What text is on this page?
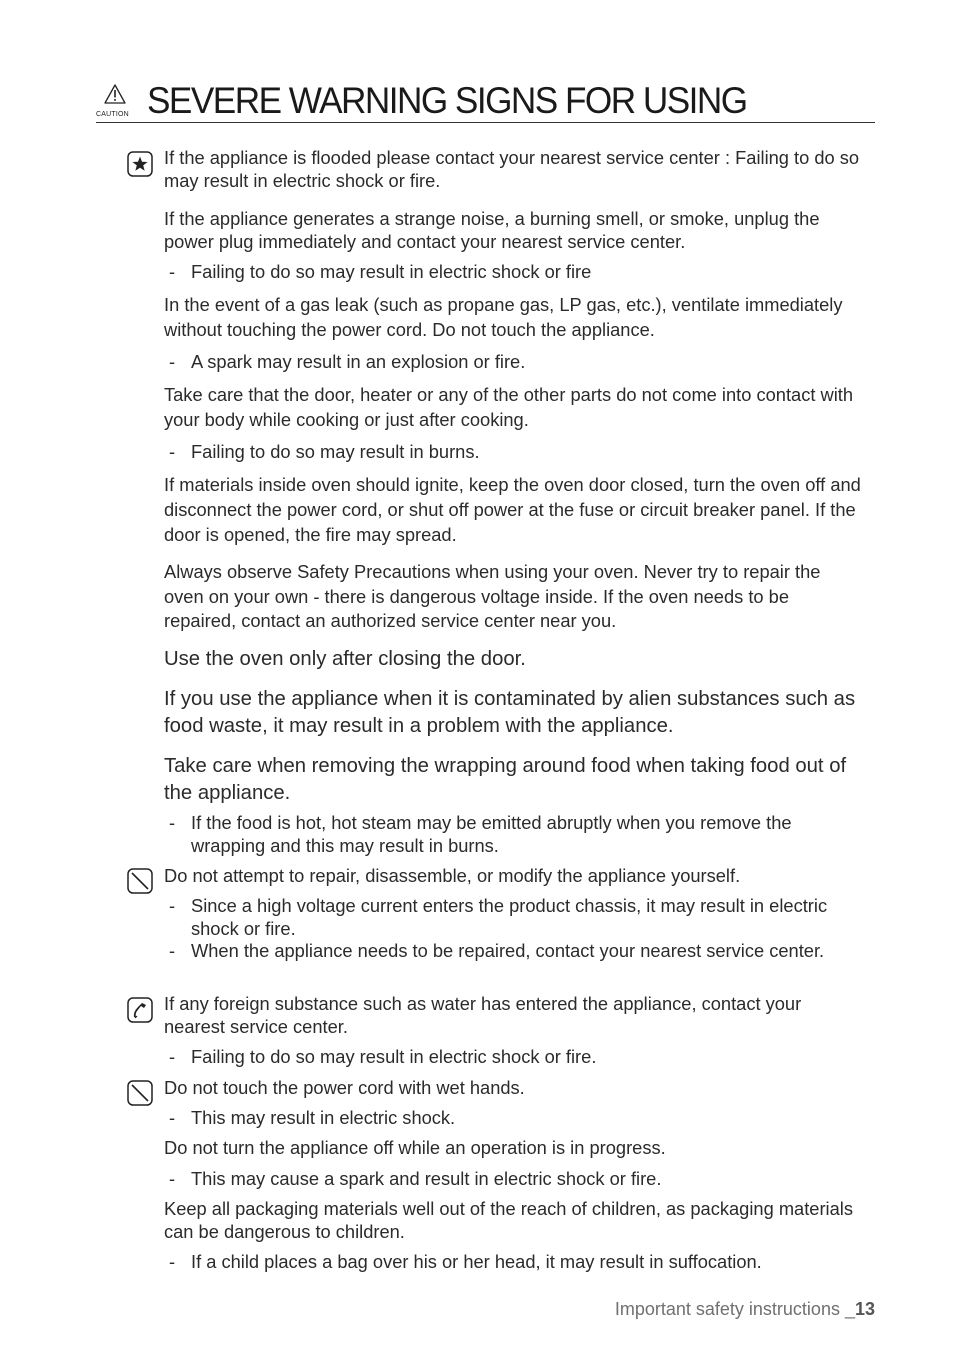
CAUTION SEVERE WARNING SIGNS FOR USING

If the appliance is flooded please contact your nearest service center : Failing to do so may result in electric shock or fire.

If the appliance generates a strange noise, a burning smell, or smoke, unplug the power plug immediately and contact your nearest service center.

- Failing to do so may result in electric shock or fire

In the event of a gas leak (such as propane gas, LP gas, etc.), ventilate immediately without touching the power cord. Do not touch the appliance.

- A spark may result in an explosion or fire.

Take care that the door, heater or any of the other parts do not come into contact with your body while cooking or just after cooking.

- Failing to do so may result in burns.

If materials inside oven should ignite, keep the oven door closed, turn the oven off and disconnect the power cord, or shut off power at the fuse or circuit breaker panel. If the door is opened, the fire may spread.

Always observe Safety Precautions when using your oven. Never try to repair the oven on your own - there is dangerous voltage inside. If the oven needs to be repaired, contact an authorized service center near you.

Use the oven only after closing the door.

If you use the appliance when it is contaminated by alien substances such as food waste, it may result in a problem with the appliance.

Take care when removing the wrapping around food when taking food out of the appliance.

- If the food is hot, hot steam may be emitted abruptly when you remove the wrapping and this may result in burns.

Do not attempt to repair, disassemble, or modify the appliance yourself.

- Since a high voltage current enters the product chassis, it may result in electric shock or fire.

- When the appliance needs to be repaired, contact your nearest service center.

If any foreign substance such as water has entered the appliance, contact your nearest service center.

- Failing to do so may result in electric shock or fire.

Do not touch the power cord with wet hands.

- This may result in electric shock.

Do not turn the appliance off while an operation is in progress.

- This may cause a spark and result in electric shock or fire.

Keep all packaging materials well out of the reach of children, as packaging materials can be dangerous to children.

- If a child places a bag over his or her head, it may result in suffocation.

Important safety instructions _13
